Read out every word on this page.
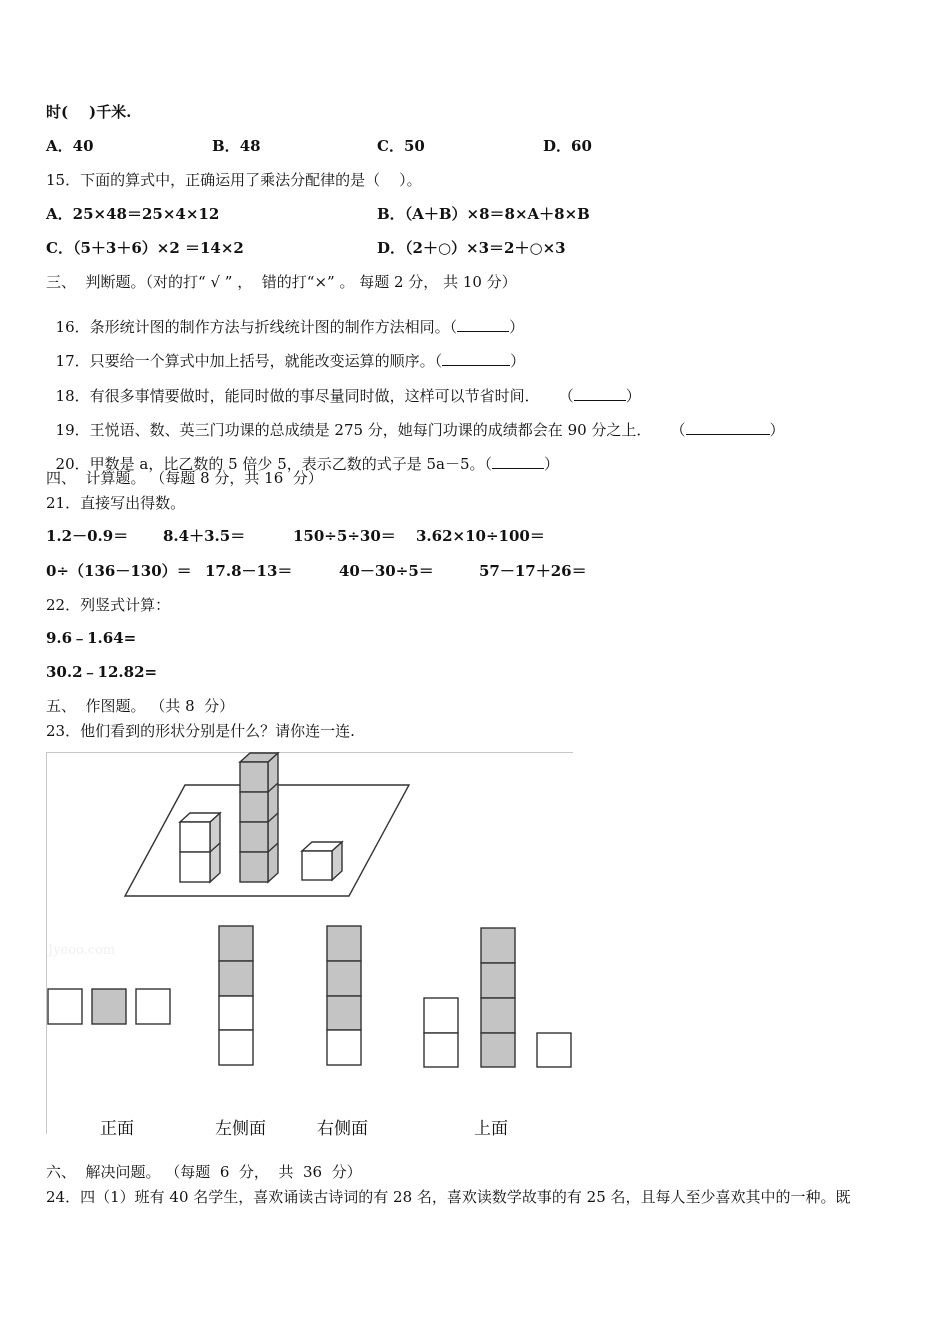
时(    )千米.
A．40	B．48	C．50	D．60
15．下面的算式中，正确运用了乘法分配律的是（    ）。
A．25×48＝25×4×12	B．（A＋B）×8＝8×A＋8×B
C．（5＋3＋6）×2 ＝14×2	D．（2＋○）×3＝2＋○×3
三、  判断题。（对的打“ √ ” ，  错的打“×” 。 每题 2 分， 共 10 分）

16．条形统计图的制作方法与折线统计图的制作方法相同。（	）

17．只要给一个算式中加上括号，就能改变运算的顺序。（	）

18．有很多事情要做时，能同时做的事尽量同时做，这样可以节省时间．    （	）

19．王悦语、数、英三门功课的总成绩是 275 分，她每门功课的成绩都会在 90 分之上．    （	）

20．甲数是 a，比乙数的 5 倍少 5，表示乙数的式子是 5a－5。（	）

四、  计算题。 （每题 8 分，共 16  分）
21．直接写出得数。
1.2－0.9＝ 8.4＋3.5＝	150÷5÷30＝ 3.62×10÷100＝
0÷（136－130）＝ 17.8－13＝	40－30÷5＝	57－17＋26＝
22．列竖式计算：
9.6﹣1.64=
30.2﹣12.82=
五、  作图题。 （共 8  分）
23．他们看到的形状分别是什么？请你连一连.
Jyeoo.com
正面	左侧面	右侧面	上面
六、  解决问题。 （每题  6  分，  共  36  分）
24．四（1）班有 40 名学生，喜欢诵读古诗词的有 28 名，喜欢读数学故事的有 25 名，且每人至少喜欢其中的一种。既
